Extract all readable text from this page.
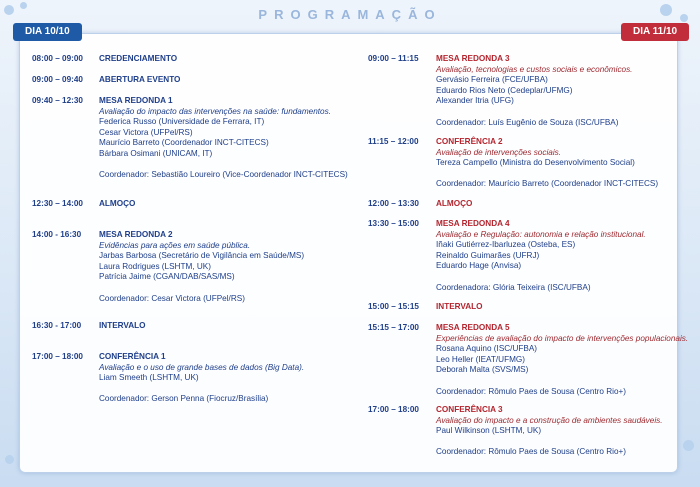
PROGRAMAÇÃO
DIA 10/10	DIA 11/10
08:00 – 09:00 CREDENCIAMENTO
09:00 – 09:40 ABERTURA EVENTO
09:40 – 12:30 MESA REDONDA 1
Avaliação do impacto das intervenções na saúde: fundamentos.
Federica Russo (Universidade de Ferrara, IT)
Cesar Victora (UFPel/RS)
Maurício Barreto (Coordenador INCT-CITECS)
Bárbara Osimani (UNICAM, IT)
Coordenador: Sebastião Loureiro (Vice-Coordenador INCT-CITECS)
12:30 – 14:00 ALMOÇO
14:00 - 16:30 MESA REDONDA 2
Evidências para ações em saúde pública.
Jarbas Barbosa (Secretário de Vigilância em Saúde/MS)
Laura Rodrigues (LSHTM, UK)
Patrícia Jaime (CGAN/DAB/SAS/MS)
Coordenador: Cesar Victora (UFPel/RS)
16:30 - 17:00 INTERVALO
17:00 – 18:00 CONFERÊNCIA 1
Avaliação e o uso de grande bases de dados (Big Data).
Liam Smeeth (LSHTM, UK)
Coordenador: Gerson Penna (Fiocruz/Brasília)
09:00 – 11:15 MESA REDONDA 3
Avaliação, tecnologias e custos sociais e econômicos.
Gervásio Ferreira (FCE/UFBA)
Eduardo Rios Neto (Cedeplar/UFMG)
Alexander Itria (UFG)
Coordenador: Luís Eugênio de Souza (ISC/UFBA)
11:15 – 12:00 CONFERÊNCIA 2
Avaliação de intervenções sociais.
Tereza Campello (Ministra do Desenvolvimento Social)
Coordenador: Maurício Barreto (Coordenador INCT-CITECS)
12:00 – 13:30 ALMOÇO
13:30 – 15:00 MESA REDONDA 4
Avaliação e Regulação: autonomia e relação institucional.
Iñaki Gutiérrez-Ibarluzea (Osteba, ES)
Reinaldo Guimarães (UFRJ)
Eduardo Hage (Anvisa)
Coordenadora: Glória Teixeira (ISC/UFBA)
15:00 – 15:15 INTERVALO
15:15 – 17:00 MESA REDONDA 5
Experiências de avaliação do impacto de intervenções populacionais.
Rosana Aquino (ISC/UFBA)
Leo Heller (IEAT/UFMG)
Deborah Malta (SVS/MS)
Coordenador: Rômulo Paes de Sousa (Centro Rio+)
17:00 – 18:00 CONFERÊNCIA 3
Avaliação do impacto e a construção de ambientes saudáveis.
Paul Wilkinson (LSHTM, UK)
Coordenador: Rômulo Paes de Sousa (Centro Rio+)
